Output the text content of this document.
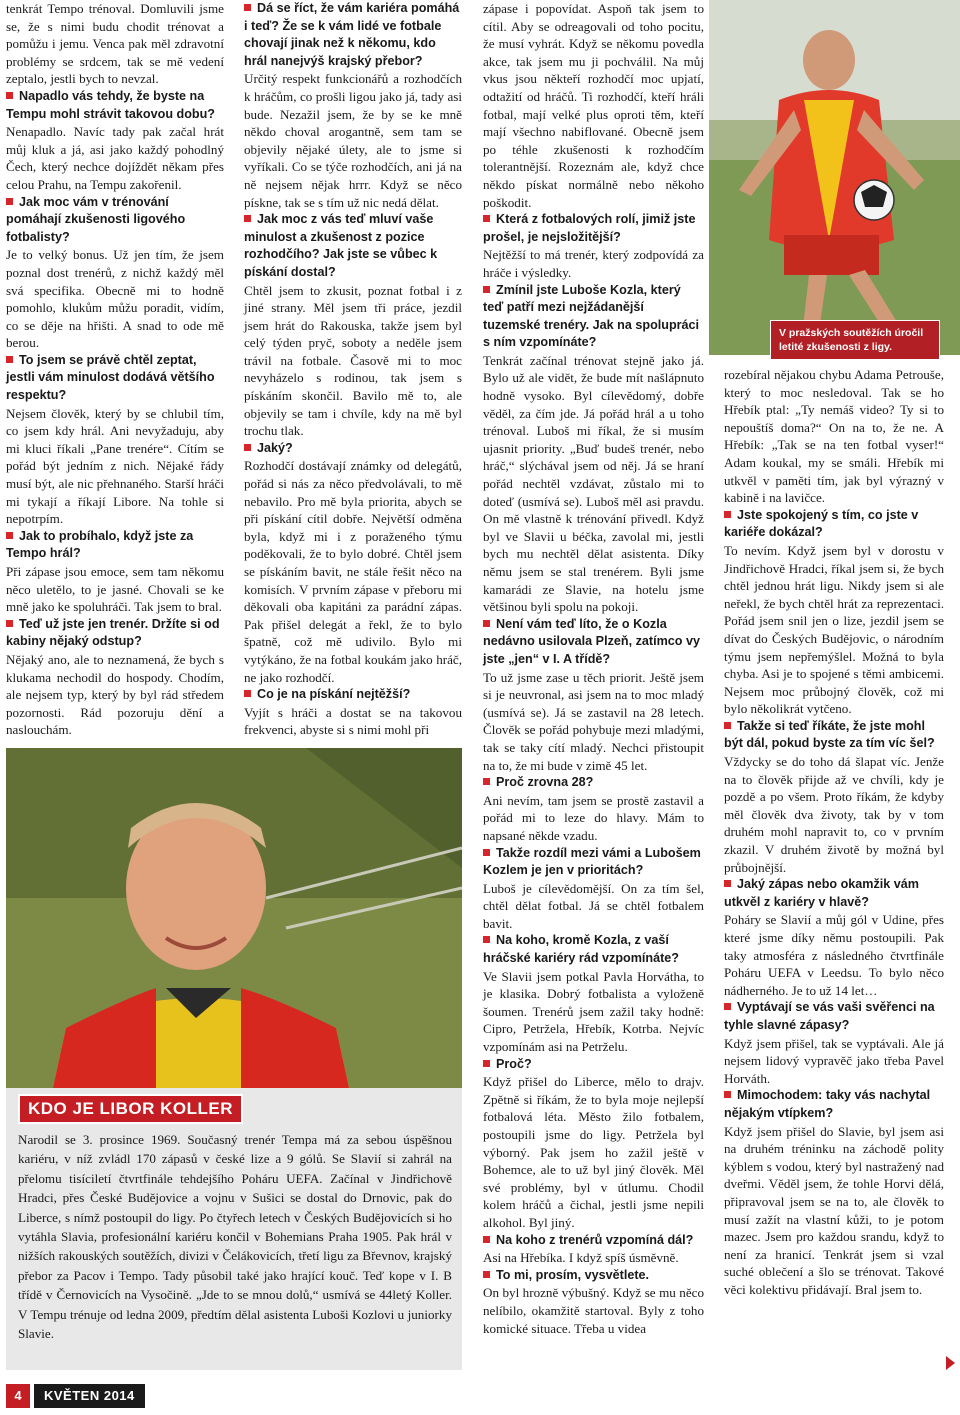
tenkrát Tempo trénoval. Domluvili jsme se, že s nimi budu chodit trénovat a pomůžu i jemu. Venca pak měl zdravotní problémy se srdcem, tak se mě vedení zeptalo, jestli bych to nevzal.

Napadlo vás tehdy, že byste na Tempu mohl strávit takovou dobu?

Nenapadlo. Navíc tady pak začal hrát můj kluk a já, asi jako každý pohodlný Čech, který nechce dojíždět někam přes celou Prahu, na Tempu zakořenil.

Jak moc vám v trénování pomáhají zkušenosti ligového fotbalisty?

Je to velký bonus. Už jen tím, že jsem poznal dost trenérů, z nichž každý měl svá specifika. Obecně mi to hodně pomohlo, klukům můžu poradit, vidím, co se děje na hřišti. A snad to ode mě berou.

To jsem se právě chtěl zeptat, jestli vám minulost dodává většího respektu?

Nejsem člověk, který by se chlubil tím, co jsem kdy hrál. Ani nevyžaduju, aby mi kluci říkali „Pane trenére“. Cítím se pořád být jedním z nich. Nějaké řády musí být, ale nic přehnaného. Starší hráči mi tykají a říkají Libore. Na tohle si nepotrpím.

Jak to probíhalo, když jste za Tempo hrál?

Při zápase jsou emoce, sem tam někomu něco uletělo, to je jasné. Chovali se ke mně jako ke spoluhráči. Tak jsem to bral.

Teď už jste jen trenér. Držíte si od kabiny nějaký odstup?

Nějaký ano, ale to neznamená, že bych s klukama nechodil do hospody. Chodím, ale nejsem typ, který by byl rád středem pozornosti. Rád pozoruju dění a naslouchám.

Dá se říct, že vám kariéra pomáhá i teď? Že se k vám lidé ve fotbale chovají jinak než k někomu, kdo hrál nanejvýš krajský přebor?

Určitý respekt funkcionářů a rozhodčích k hráčům, co prošli ligou jako já, tady asi bude. Nezažil jsem, že by se ke mně někdo choval arogantně, sem tam se objevily nějaké úlety, ale to jsme si vyříkali. Co se týče rozhodčích, ani já na ně nejsem nějak hrrr. Když se něco pískne, tak se s tím už nic nedá dělat.

Jak moc z vás teď mluví vaše minulost a zkušenost z pozice rozhodčího? Jak jste se vůbec k pískání dostal?

Chtěl jsem to zkusit, poznat fotbal i z jiné strany. Měl jsem tři práce, jezdil jsem hrát do Rakouska, takže jsem byl celý týden pryč, soboty a neděle jsem trávil na fotbale. Časově mi to moc nevyházelo s rodinou, tak jsem s pískáním skončil. Bavilo mě to, ale objevily se tam i chvíle, kdy na mě byl trochu tlak.

Jaký?

Rozhodčí dostávají známky od delegátů, pořád si nás za něco předvolávali, to mě nebavilo. Pro mě byla priorita, abych se při pískání cítil dobře. Největší odměna byla, když mi i z poraženého týmu poděkovali, že to bylo dobré. Chtěl jsem se pískáním bavit, ne stále řešit něco na komisích. V prvním zápase v přeboru mi děkovali oba kapitáni za parádní zápas. Pak přišel delegát a řekl, že to bylo špatně, což mě udivilo. Bylo mi vytýkáno, že na fotbal koukám jako hráč, ne jako rozhodčí.

Co je na pískání nejtěžší?

Vyjít s hráči a dostat se na takovou frekvenci, abyste si s nimi mohl při

zápase i popovídat. Aspoň tak jsem to cítil. Aby se odreagovali od toho pocitu, že musí vyhrát. Když se někomu povedla akce, tak jsem mu ji pochválil. Na můj vkus jsou někteří rozhodčí moc upjatí, odtažití od hráčů. Ti rozhodčí, kteří hráli fotbal, mají velké plus oproti těm, kteří mají všechno nabiflované. Obecně jsem po téhle zkušenosti k rozhodčím tolerantnější. Rozeznám ale, když chce někdo pískat normálně nebo někoho poškodit.

Která z fotbalových rolí, jimiž jste prošel, je nejsložitější?

Nejtěžší to má trenér, který zodpovídá za hráče i výsledky.

Zmínil jste Luboše Kozla, který teď patří mezi nejžádanější tuzemské trenéry. Jak na spolupráci s ním vzpomínáte?

Tenkrát začínal trénovat stejně jako já. Bylo už ale vidět, že bude mít našlápnuto hodně vysoko. Byl cílevědomý, dobře věděl, za čím jde. Já pořád hrál a u toho trénoval. Luboš mi říkal, že si musím ujasnit priority. „Buď budeš trenér, nebo hráč,“ slýchával jsem od něj. Já se hraní pořád nechtěl vzdávat, zůstalo mi to doteď (usmívá se). Luboš měl asi pravdu. On mě vlastně k trénování přivedl. Když byl ve Slavii u béčka, zavolal mi, jestli bych mu nechtěl dělat asistenta. Díky němu jsem se stal trenérem. Byli jsme kamarádi ze Slavie, na hotelu jsme většinou byli spolu na pokoji.

Není vám teď líto, že o Kozla nedávno usilovala Plzeň, zatímco vy jste „jen“ v I. A třídě?

To už jsme zase u těch priorit. Ještě jsem si je neuvronal, asi jsem na to moc mladý (usmívá se). Já se zastavil na 28 letech. Člověk se pořád pohybuje mezi mladými, tak se taky cítí mladý. Nechci přistoupit na to, že mi bude v zimě 45 let.

Proč zrovna 28?

Ani nevím, tam jsem se prostě zastavil a pořád mi to leze do hlavy. Mám to napsané někde vzadu.

Takže rozdíl mezi vámi a Lubošem Kozlem je jen v prioritách?

Luboš je cílevědomější. On za tím šel, chtěl dělat fotbal. Já se chtěl fotbalem bavit.

Na koho, kromě Kozla, z vaší hráčské kariéry rád vzpomínáte?

Ve Slavii jsem potkal Pavla Horvátha, to je klasika. Dobrý fotbalista a vyloženě šoumen. Trenérů jsem zažil taky hodně: Cipro, Petržela, Hřebík, Kotrba. Nejvíc vzpomínám asi na Petrželu.

Proč?

Když přišel do Liberce, mělo to drajv. Zpětně si říkám, že to byla moje nejlepší fotbalová léta. Město žilo fotbalem, postoupili jsme do ligy. Petržela byl výborný. Pak jsem ho zažil ještě v Bohemce, ale to už byl jiný člověk. Měl své problémy, byl v útlumu. Chodil kolem hráčů a čichal, jestli jsme nepili alkohol. Byl jiný.

Na koho z trenérů vzpomíná dál?

Asi na Hřebíka. I když spíš úsměvně.

To mi, prosím, vysvětlete.

On byl hrozně výbušný. Když se mu něco nelíbilo, okamžitě startoval. Byly z toho komické situace. Třeba u videa

rozebíral nějakou chybu Adama Petrouše, který to moc nesledoval. Tak se ho Hřebík ptal: „Ty nemáš video? Ty si to nepouštíš doma?“ On na to, že ne. A Hřebík: „Tak se na ten fotbal vyser!“ Adam koukal, my se smáli. Hřebík mi utkvěl v paměti tím, jak byl výrazný v kabině i na lavičce.

Jste spokojený s tím, co jste v kariéře dokázal?

To nevím. Když jsem byl v dorostu v Jindřichově Hradci, říkal jsem si, že bych chtěl jednou hrát ligu. Nikdy jsem si ale neřekl, že bych chtěl hrát za reprezentaci. Pořád jsem snil jen o lize, jezdil jsem se dívat do Českých Budějovic, o národním týmu jsem nepřemýšlel. Možná to byla chyba. Asi je to spojené s těmi ambicemi. Nejsem moc průbojný člověk, což mi bylo několikrát vytčeno.

Takže si teď říkáte, že jste mohl být dál, pokud byste za tím víc šel?

Vždycky se do toho dá šlapat víc. Jenže na to člověk přijde až ve chvíli, kdy je pozdě a po všem. Proto říkám, že kdyby měl člověk dva životy, tak by v tom druhém mohl napravit to, co v prvním zkazil. V druhém životě by možná byl průbojnější.

Jaký zápas nebo okamžik vám utkvěl z kariéry v hlavě?

Poháry se Slavií a můj gól v Udine, přes které jsme díky němu postoupili. Pak taky atmosféra z následného čtvrtfinále Poháru UEFA v Leedsu. To bylo něco nádherného. Je to už 14 let…

Vyptávají se vás vaši svěřenci na tyhle slavné zápasy?

Když jsem přišel, tak se vyptávali. Ale já nejsem lidový vypravěč jako třeba Pavel Horváth.

Mimochodem: taky vás nachytal nějakým vtípkem?

Když jsem přišel do Slavie, byl jsem asi na druhém tréninku na záchodě polity kýblem s vodou, který byl nastražený nad dveřmi. Věděl jsem, že tohle Horvi dělá, připravoval jsem se na to, ale člověk to musí zažít na vlastní kůži, to je potom mazec. Jsem pro každou srandu, když to není za hranicí. Tenkrát jsem si vzal suché oblečení a šlo se trénovat. Takové věci kolektivu přidávají. Bral jsem to.

V pražských soutěžích úročil letité zkušenosti z ligy.
KDO JE LIBOR KOLLER
Narodil se 3. prosince 1969. Současný trenér Tempa má za sebou úspěšnou kariéru, v níž zvládl 170 zápasů v české lize a 9 gólů. Se Slavií si zahrál na přelomu tisíciletí čtvrtfinále tehdejšího Poháru UEFA. Začínal v Jindřichově Hradci, přes České Budějovice a vojnu v Sušici se dostal do Drnovic, pak do Liberce, s nímž postoupil do ligy. Po čtyřech letech v Českých Budějovicích si ho vytáhla Slavia, profesionální kariéru končil v Bohemians Praha 1905. Pak hrál v nižších rakouských soutěžích, divizi v Čelákovicích, třetí ligu za Břevnov, krajský přebor za Pacov i Tempo. Tady působil také jako hrající kouč. Teď kope v I. B třídě v Černovicích na Vysočině. „Jde to se mnou dolů,“ usmívá se 44letý Koller. V Tempu trénuje od ledna 2009, předtím dělal asistenta Luboši Kozlovi u juniorky Slavie.
4	KVĚTEN 2014
